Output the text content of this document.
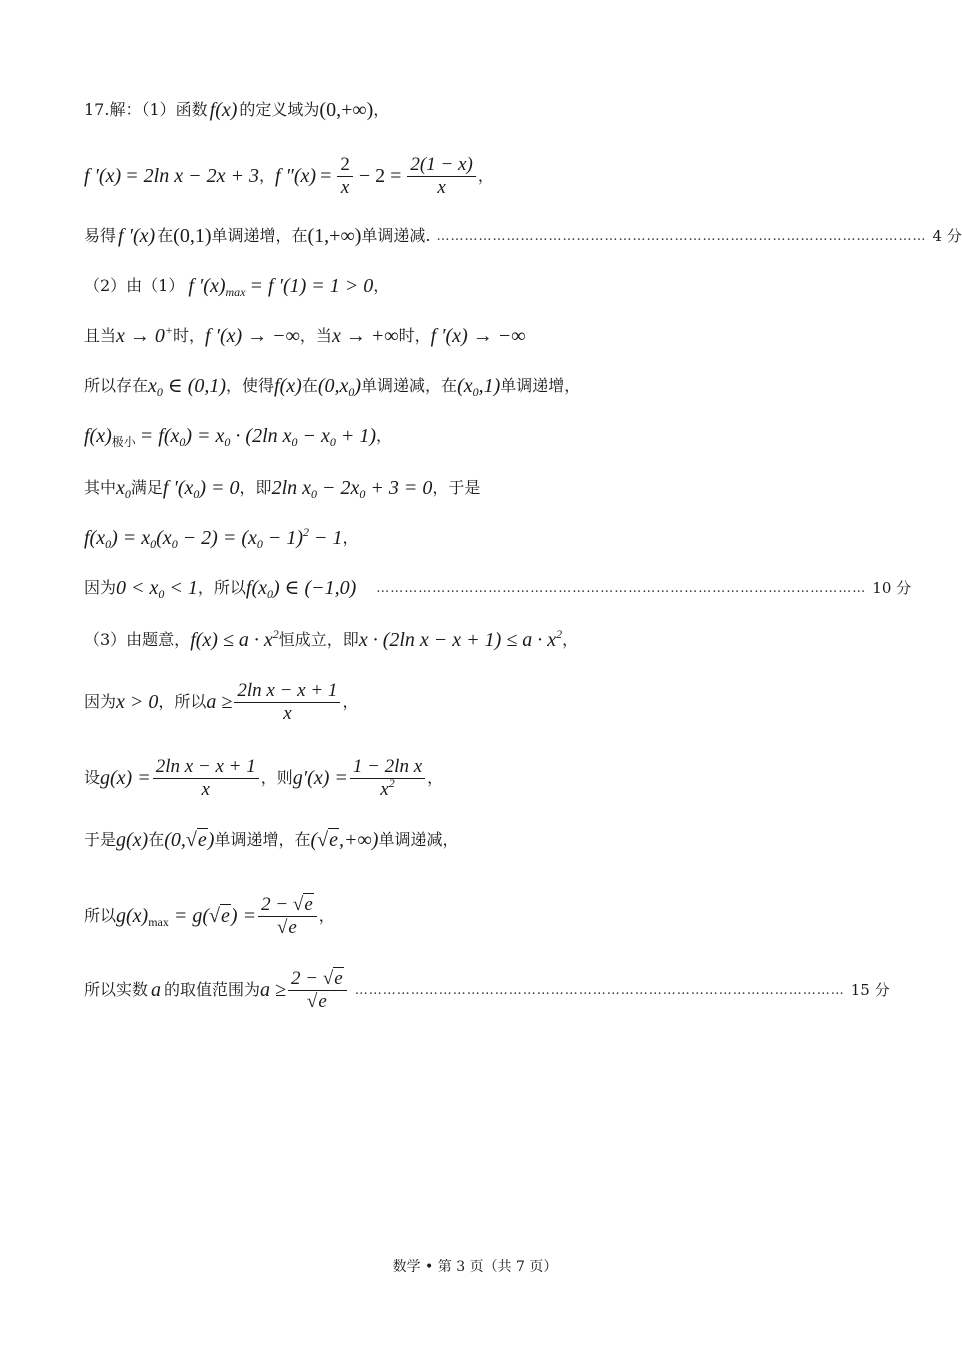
17.解：（1）函数 f(x) 的定义域为 (0,+∞) ，
f ′(x) = 2ln x − 2x + 3 ， f $''(x) = \frac{2}{x} - 2 = \frac{2(1 - x)}{x}$ ，
易得 f ′(x) 在 (0,1) 单调递增，在 (1,+∞) 单调递减. …………………………………………………………………………………………… 4 分
（2）由（1） f $'(x)_{max} = f$ ′(1) = 1 > 0 ，
且当 x → 0+ 时， f ′(x) → −∞ ，当 x → +∞ 时， f ′(x) → −∞
所以存在 $x_0$ ∈ (0,1) ，使得 f(x) 在 $(0,x_0)$ 单调递减，在 $(x_0,1)$ 单调递增，
$f(x)_{极小} = f(x_0) = x_0 \cdot (2\ln$ $x_0 - x_0 + 1$) ，
其中 $x_0$ 满足 f $'(x_0) = 0$ ，即 2ln $x_0 - 2x_0 + 3 = 0$ ，于是
$f(x_0) = x_0(x_0 - 2) = (x_0 - 1)^2 - 1$ ，
因为 $0 < x_0 < 1$ ，所以 $f(x_0)$ ∈ (−1,0) …………………………………………………………………………………………… 10 分
（3）由题意， $f(x) \le a \cdot x^2$ 恒成立，即 x · (2ln $x - x + 1) \le a \cdot x^2$ ，
因为 x > 0 ，所以 $a \ge \frac{\text{2ln x − x + 1}}{x}$ ，
设 $g(x) = \frac{\text{2ln x − x + 1}}{x}$ ，则 $g'(x) = \frac{\text{1 − 2ln x}}{x^2}$ ，
于是 g(x) 在 (0,√e) 单调递增，在 (√e,+∞) 单调递减，
所以 $g(x)_{max} = g(√e) = \frac{2 - √e}{√e}$ ，
所以实数 a 的取值范围为 $a \ge \frac{2 - √e}{√e}$ …………………………………………………………………………………………… 15 分
数学 • 第 3 页（共 7 页）
